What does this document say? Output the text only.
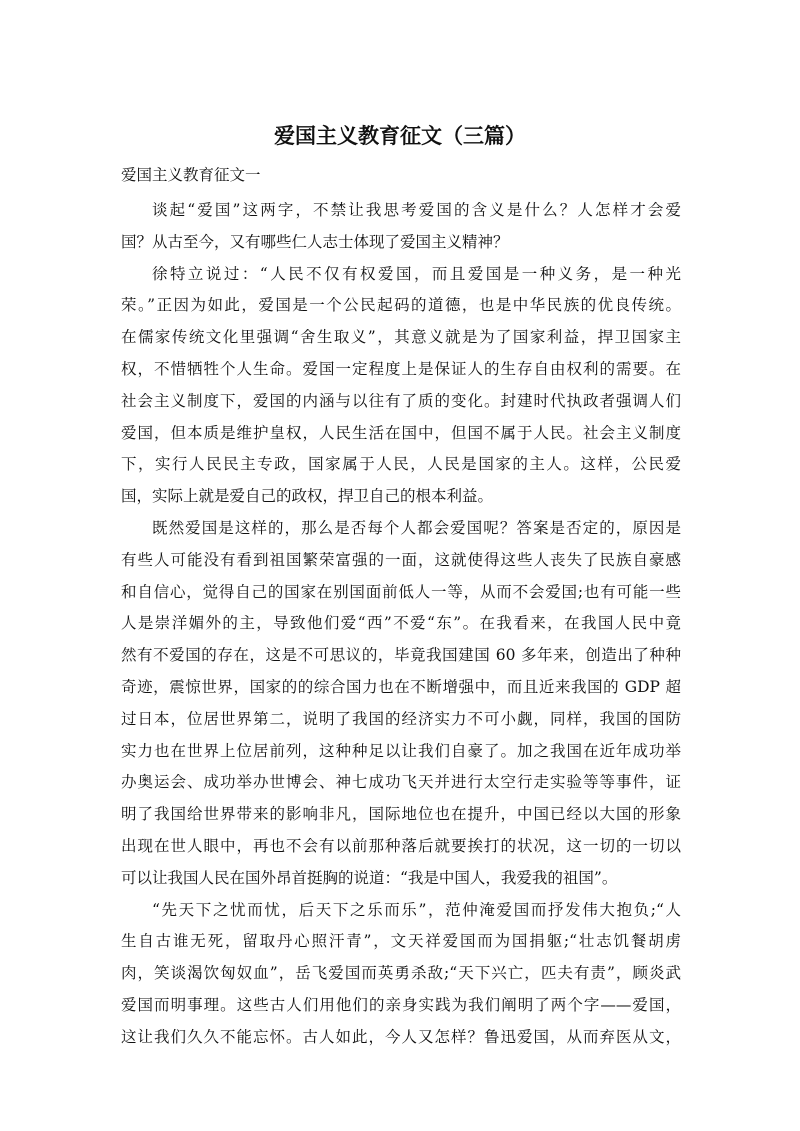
爱国主义教育征文（三篇）

爱国主义教育征文一

谈起“爱国”这两字，不禁让我思考爱国的含义是什么？人怎样才会爱
国？从古至今，又有哪些仁人志士体现了爱国主义精神？
徐特立说过：“人民不仅有权爱国，而且爱国是一种义务，是一种光
荣。”正因为如此，爱国是一个公民起码的道德，也是中华民族的优良传统。
在儒家传统文化里强调“舍生取义”，其意义就是为了国家利益，捍卫国家主
权，不惜牺牲个人生命。爱国一定程度上是保证人的生存自由权利的需要。在
社会主义制度下，爱国的内涵与以往有了质的变化。封建时代执政者强调人们
爱国，但本质是维护皇权，人民生活在国中，但国不属于人民。社会主义制度
下，实行人民民主专政，国家属于人民，人民是国家的主人。这样，公民爱
国，实际上就是爱自己的政权，捍卫自己的根本利益。
既然爱国是这样的，那么是否每个人都会爱国呢？答案是否定的，原因是
有些人可能没有看到祖国繁荣富强的一面，这就使得这些人丧失了民族自豪感
和自信心，觉得自己的国家在别国面前低人一等，从而不会爱国;也有可能一些
人是崇洋媚外的主，导致他们爱“西”不爱“东”。在我看来，在我国人民中竟
然有不爱国的存在，这是不可思议的，毕竟我国建国 60 多年来，创造出了种种
奇迹，震惊世界，国家的的综合国力也在不断增强中，而且近来我国的 GDP 超
过日本，位居世界第二，说明了我国的经济实力不可小觑，同样，我国的国防
实力也在世界上位居前列，这种种足以让我们自豪了。加之我国在近年成功举
办奥运会、成功举办世博会、神七成功飞天并进行太空行走实验等等事件，证
明了我国给世界带来的影响非凡，国际地位也在提升，中国已经以大国的形象
出现在世人眼中，再也不会有以前那种落后就要挨打的状况，这一切的一切以
可以让我国人民在国外昂首挺胸的说道：“我是中国人，我爱我的祖国”。
“先天下之忧而忧，后天下之乐而乐”，范仲淹爱国而抒发伟大抱负;“人
生自古谁无死，留取丹心照汗青”，文天祥爱国而为国捐躯;“壮志饥餐胡虏
肉，笑谈渴饮匈奴血”，岳飞爱国而英勇杀敌;“天下兴亡，匹夫有责”，顾炎武
爱国而明事理。这些古人们用他们的亲身实践为我们阐明了两个字——爱国，
这让我们久久不能忘怀。古人如此，今人又怎样？鲁迅爱国，从而弃医从文，
